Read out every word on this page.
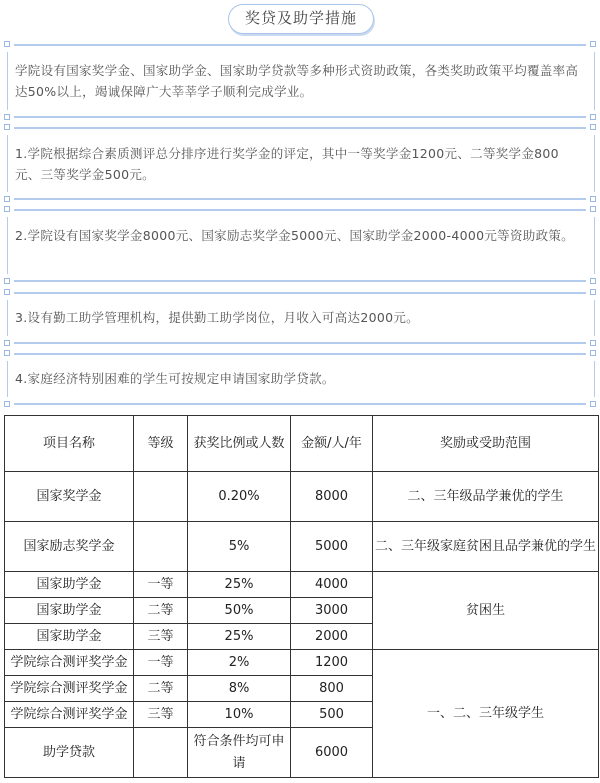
奖贷及助学措施
学院设有国家奖学金、国家助学金、国家助学贷款等多种形式资助政策，各类奖助政策平均覆盖率高达50%以上，竭诚保障广大莘莘学子顺利完成学业。
1.学院根据综合素质测评总分排序进行奖学金的评定，其中一等奖学金1200元、二等奖学金800元、三等奖学金500元。
2.学院设有国家奖学金8000元、国家励志奖学金5000元、国家助学金2000-4000元等资助政策。
3.设有勤工助学管理机构，提供勤工助学岗位，月收入可高达2000元。
4.家庭经济特别困难的学生可按规定申请国家助学贷款。
项目名称	等级	获奖比例或人数	金额/人/年	奖励或受助范围
国家奖学金		0.20%	8000	二、三年级品学兼优的学生
国家励志奖学金		5%	5000	二、三年级家庭贫困且品学兼优的学生
国家助学金	一等	25%	4000	贫困生
国家助学金	二等	50%	3000	
国家助学金	三等	25%	2000	
学院综合测评奖学金	一等	2%	1200	一、二、三年级学生
学院综合测评奖学金	二等	8%	800	
学院综合测评奖学金	三等	10%	500	
助学贷款		符合条件均可申请	6000	
